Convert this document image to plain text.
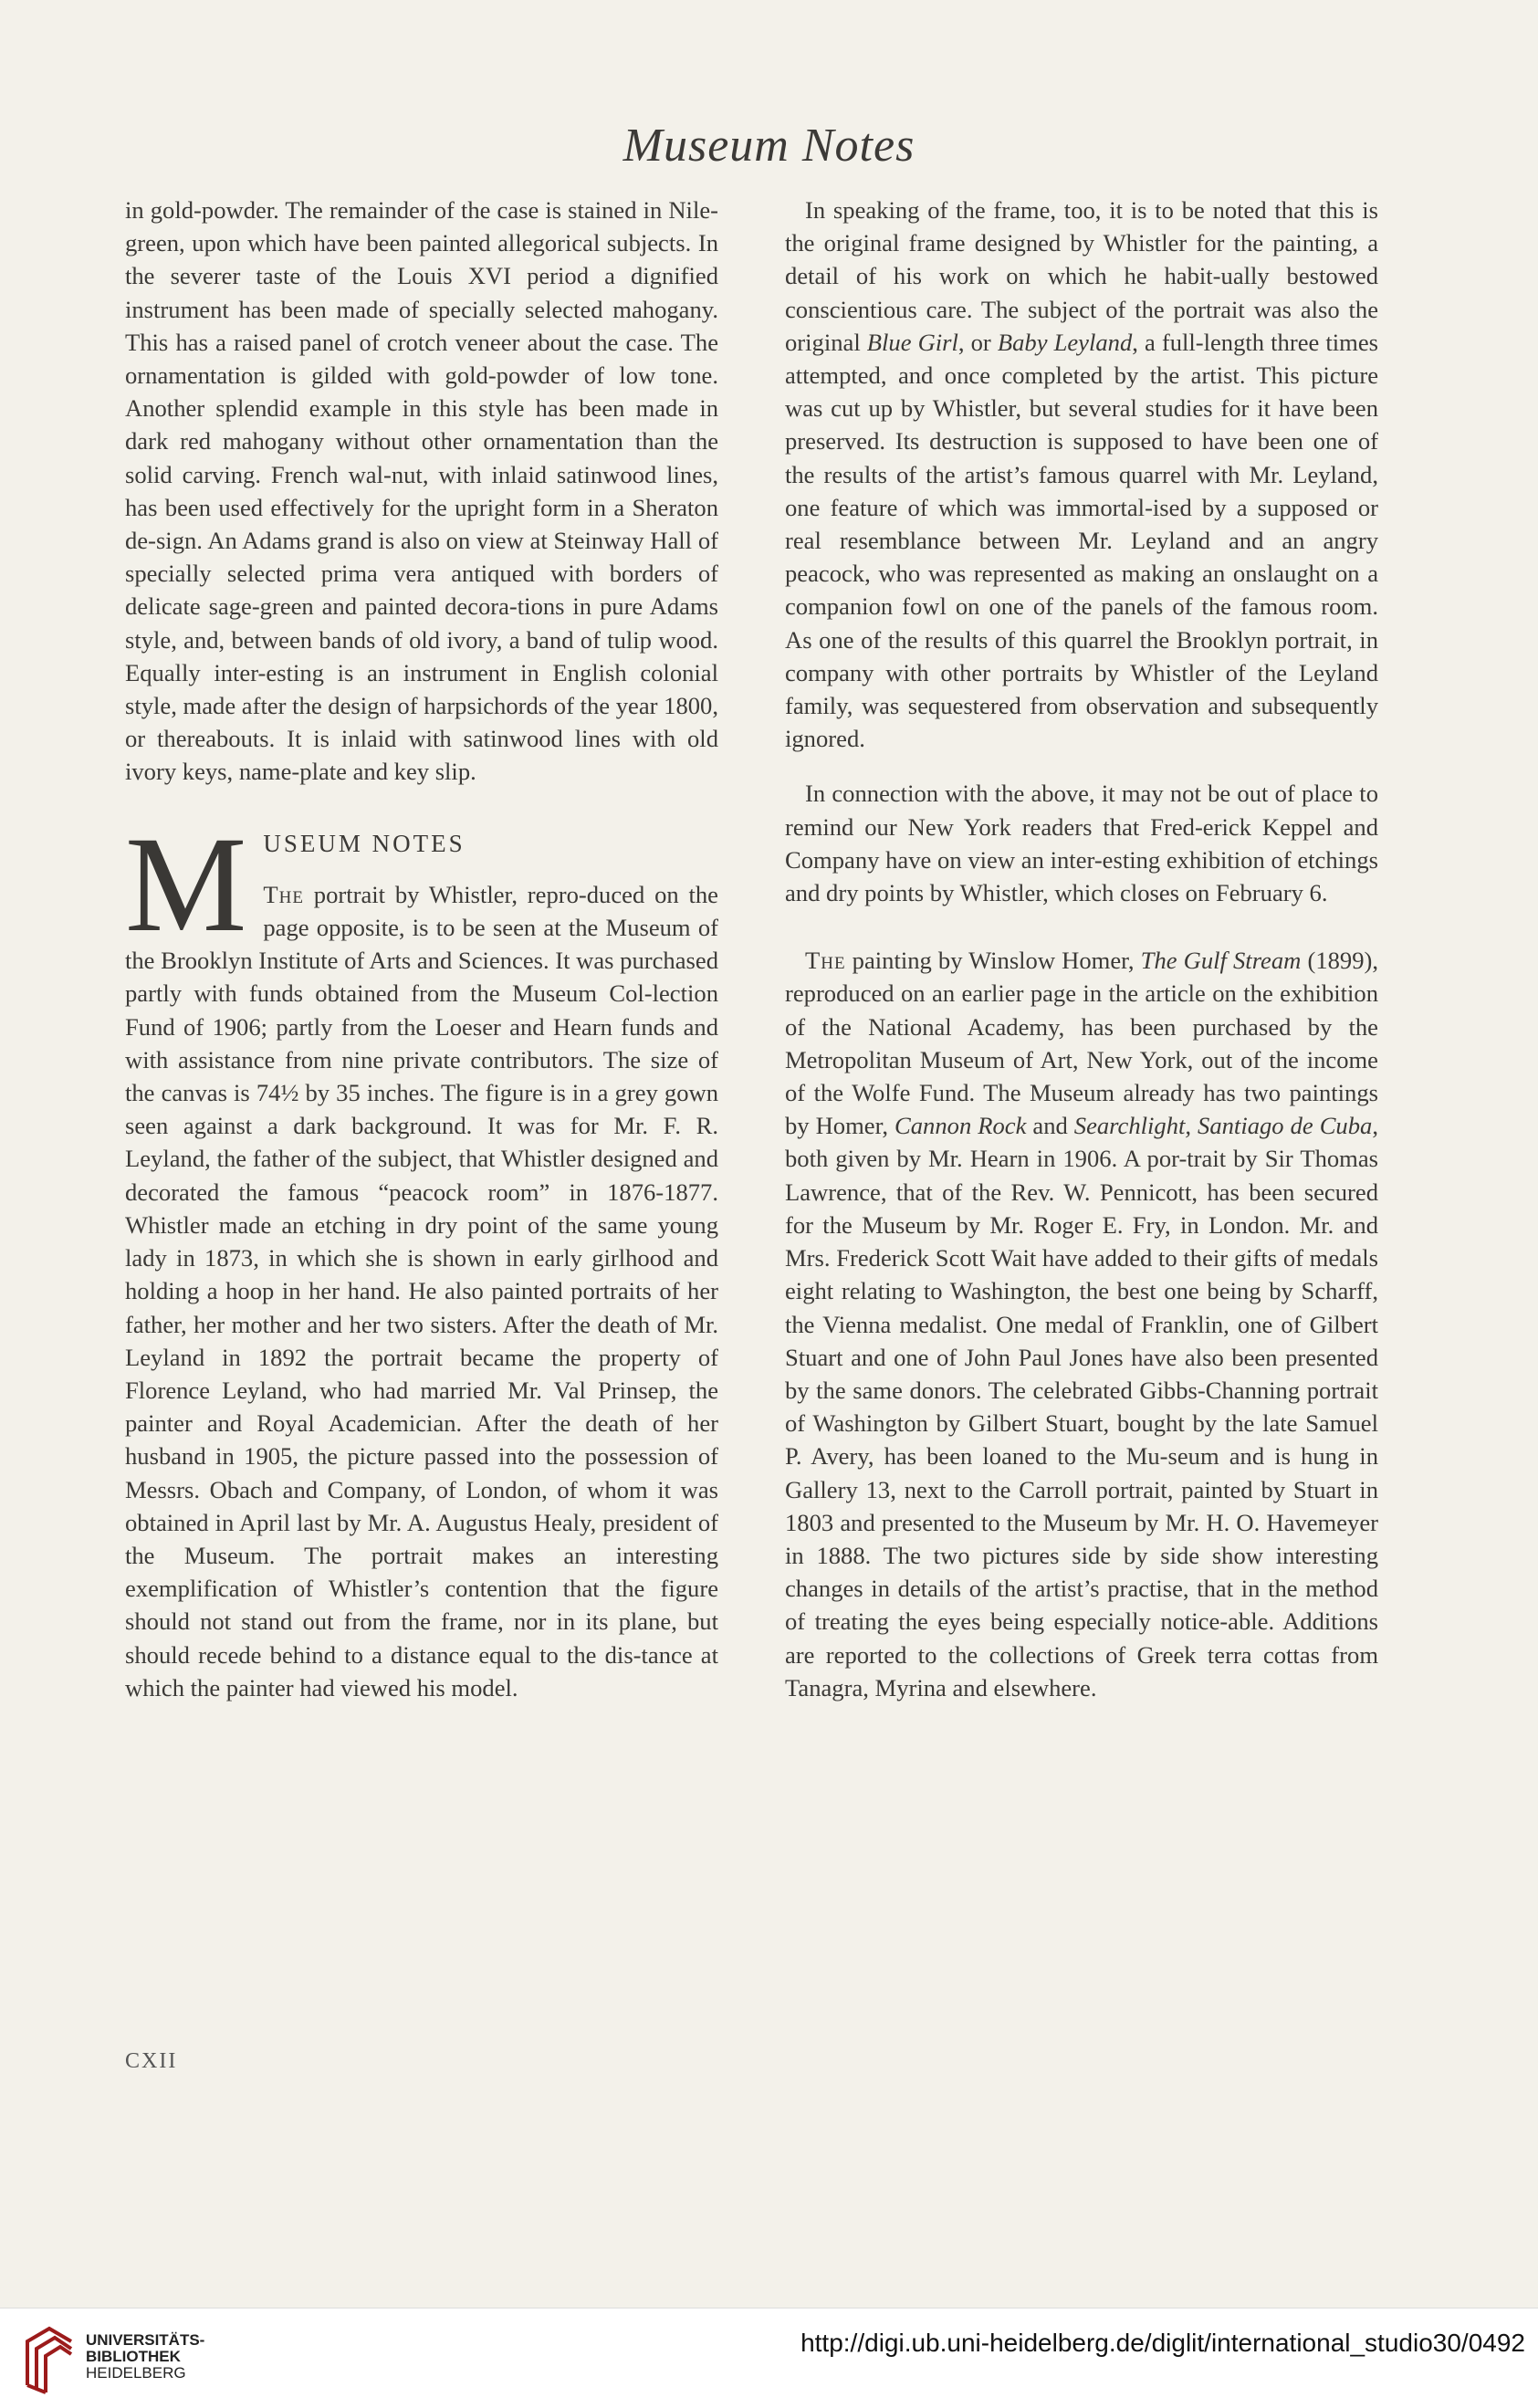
Museum Notes

in gold-powder. The remainder of the case is stained in Nile-green, upon which have been painted allegorical subjects. In the severer taste of the Louis XVI period a dignified instrument has been made of specially selected mahogany. This has a raised panel of crotch veneer about the case. The ornamentation is gilded with gold-powder of low tone. Another splendid example in this style has been made in dark red mahogany without other ornamentation than the solid carving. French wal-nut, with inlaid satinwood lines, has been used effectively for the upright form in a Sheraton de-sign. An Adams grand is also on view at Steinway Hall of specially selected prima vera antiqued with borders of delicate sage-green and painted decora-tions in pure Adams style, and, between bands of old ivory, a band of tulip wood. Equally inter-esting is an instrument in English colonial style, made after the design of harpsichords of the year 1800, or thereabouts. It is inlaid with satinwood lines with old ivory keys, name-plate and key slip.

M USEUM NOTES

The portrait by Whistler, repro-duced on the page opposite, is to be seen at the Museum of the Brooklyn Institute of Arts and Sciences. It was purchased partly with funds obtained from the Museum Col-lection Fund of 1906; partly from the Loeser and Hearn funds and with assistance from nine private contributors. The size of the canvas is 74½ by 35 inches. The figure is in a grey gown seen against a dark background. It was for Mr. F. R. Leyland, the father of the subject, that Whistler designed and decorated the famous “peacock room” in 1876-1877. Whistler made an etching in dry point of the same young lady in 1873, in which she is shown in early girlhood and holding a hoop in her hand. He also painted portraits of her father, her mother and her two sisters. After the death of Mr. Leyland in 1892 the portrait became the property of Florence Leyland, who had married Mr. Val Prinsep, the painter and Royal Academician. After the death of her husband in 1905, the picture passed into the possession of Messrs. Obach and Company, of London, of whom it was obtained in April last by Mr. A. Augustus Healy, president of the Museum. The portrait makes an interesting exemplification of Whistler’s contention that the figure should not stand out from the frame, nor in its plane, but should recede behind to a distance equal to the dis-tance at which the painter had viewed his model.

In speaking of the frame, too, it is to be noted that this is the original frame designed by Whistler for the painting, a detail of his work on which he habit-ually bestowed conscientious care. The subject of the portrait was also the original Blue Girl, or Baby Leyland, a full-length three times attempted, and once completed by the artist. This picture was cut up by Whistler, but several studies for it have been preserved. Its destruction is supposed to have been one of the results of the artist’s famous quarrel with Mr. Leyland, one feature of which was immortal-ised by a supposed or real resemblance between Mr. Leyland and an angry peacock, who was represented as making an onslaught on a companion fowl on one of the panels of the famous room. As one of the results of this quarrel the Brooklyn portrait, in company with other portraits by Whistler of the Leyland family, was sequestered from observation and subsequently ignored.

In connection with the above, it may not be out of place to remind our New York readers that Fred-erick Keppel and Company have on view an inter-esting exhibition of etchings and dry points by Whistler, which closes on February 6.

The painting by Winslow Homer, The Gulf Stream (1899), reproduced on an earlier page in the article on the exhibition of the National Academy, has been purchased by the Metropolitan Museum of Art, New York, out of the income of the Wolfe Fund. The Museum already has two paintings by Homer, Cannon Rock and Searchlight, Santiago de Cuba, both given by Mr. Hearn in 1906. A por-trait by Sir Thomas Lawrence, that of the Rev. W. Pennicott, has been secured for the Museum by Mr. Roger E. Fry, in London. Mr. and Mrs. Frederick Scott Wait have added to their gifts of medals eight relating to Washington, the best one being by Scharff, the Vienna medalist. One medal of Franklin, one of Gilbert Stuart and one of John Paul Jones have also been presented by the same donors. The celebrated Gibbs-Channing portrait of Washington by Gilbert Stuart, bought by the late Samuel P. Avery, has been loaned to the Mu-seum and is hung in Gallery 13, next to the Carroll portrait, painted by Stuart in 1803 and presented to the Museum by Mr. H. O. Havemeyer in 1888. The two pictures side by side show interesting changes in details of the artist’s practise, that in the method of treating the eyes being especially notice-able. Additions are reported to the collections of Greek terra cottas from Tanagra, Myrina and elsewhere.

CXII
UNIVERSITÄTS-
BIBLIOTHEK
HEIDELBERG
http://digi.ub.uni-heidelberg.de/diglit/international_studio30/0492
